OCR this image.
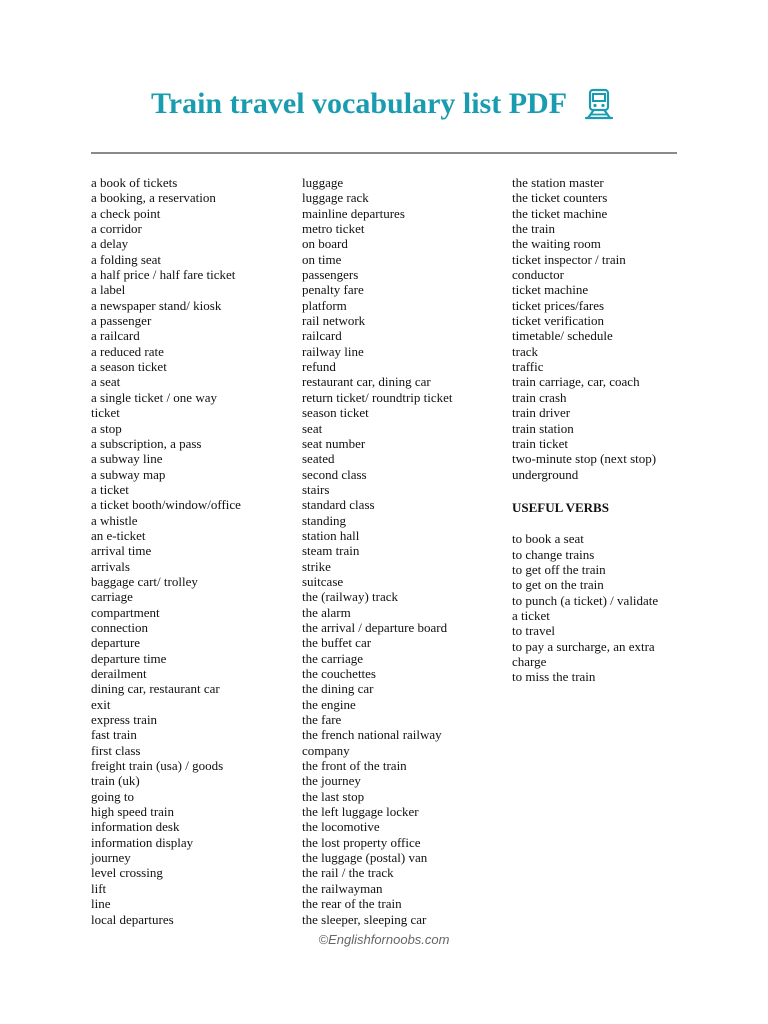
Train travel vocabulary list PDF
a book of tickets
a booking, a reservation
a check point
a corridor
a delay
a folding seat
a half price / half fare ticket
a label
a newspaper stand/ kiosk
a passenger
a railcard
a reduced rate
a season ticket
a seat
a single ticket / one way
ticket
a stop
a subscription, a pass
a subway line
a subway map
a ticket
a ticket booth/window/office
a whistle
an e-ticket
arrival time
arrivals
baggage cart/ trolley
carriage
compartment
connection
departure
departure time
derailment
dining car, restaurant car
exit
express train
fast train
first class
freight train (usa) / goods
train (uk)
going to
high speed train
information desk
information display
journey
level crossing
lift
line
local departures
luggage
luggage rack
mainline departures
metro ticket
on board
on time
passengers
penalty fare
platform
rail network
railcard
railway line
refund
restaurant car, dining car
return ticket/ roundtrip ticket
season ticket
seat
seat number
seated
second class
stairs
standard class
standing
station hall
steam train
strike
suitcase
the (railway) track
the alarm
the arrival / departure board
the buffet car
the carriage
the couchettes
the dining car
the engine
the fare
the french national railway
company
the front of the train
the journey
the last stop
the left luggage locker
the locomotive
the lost property office
the luggage (postal) van
the rail / the track
the railwayman
the rear of the train
the sleeper, sleeping car
the station master
the ticket counters
the ticket machine
the train
the waiting room
ticket inspector / train
conductor
ticket machine
ticket prices/fares
ticket verification
timetable/ schedule
track
traffic
train carriage, car, coach
train crash
train driver
train station
train ticket
two-minute stop (next stop)
underground
USEFUL VERBS
to book a seat
to change trains
to get off the train
to get on the train
to punch (a ticket) / validate
a ticket
to travel
to pay a surcharge, an extra
charge
to miss the train
©Englishfornoobs.com
